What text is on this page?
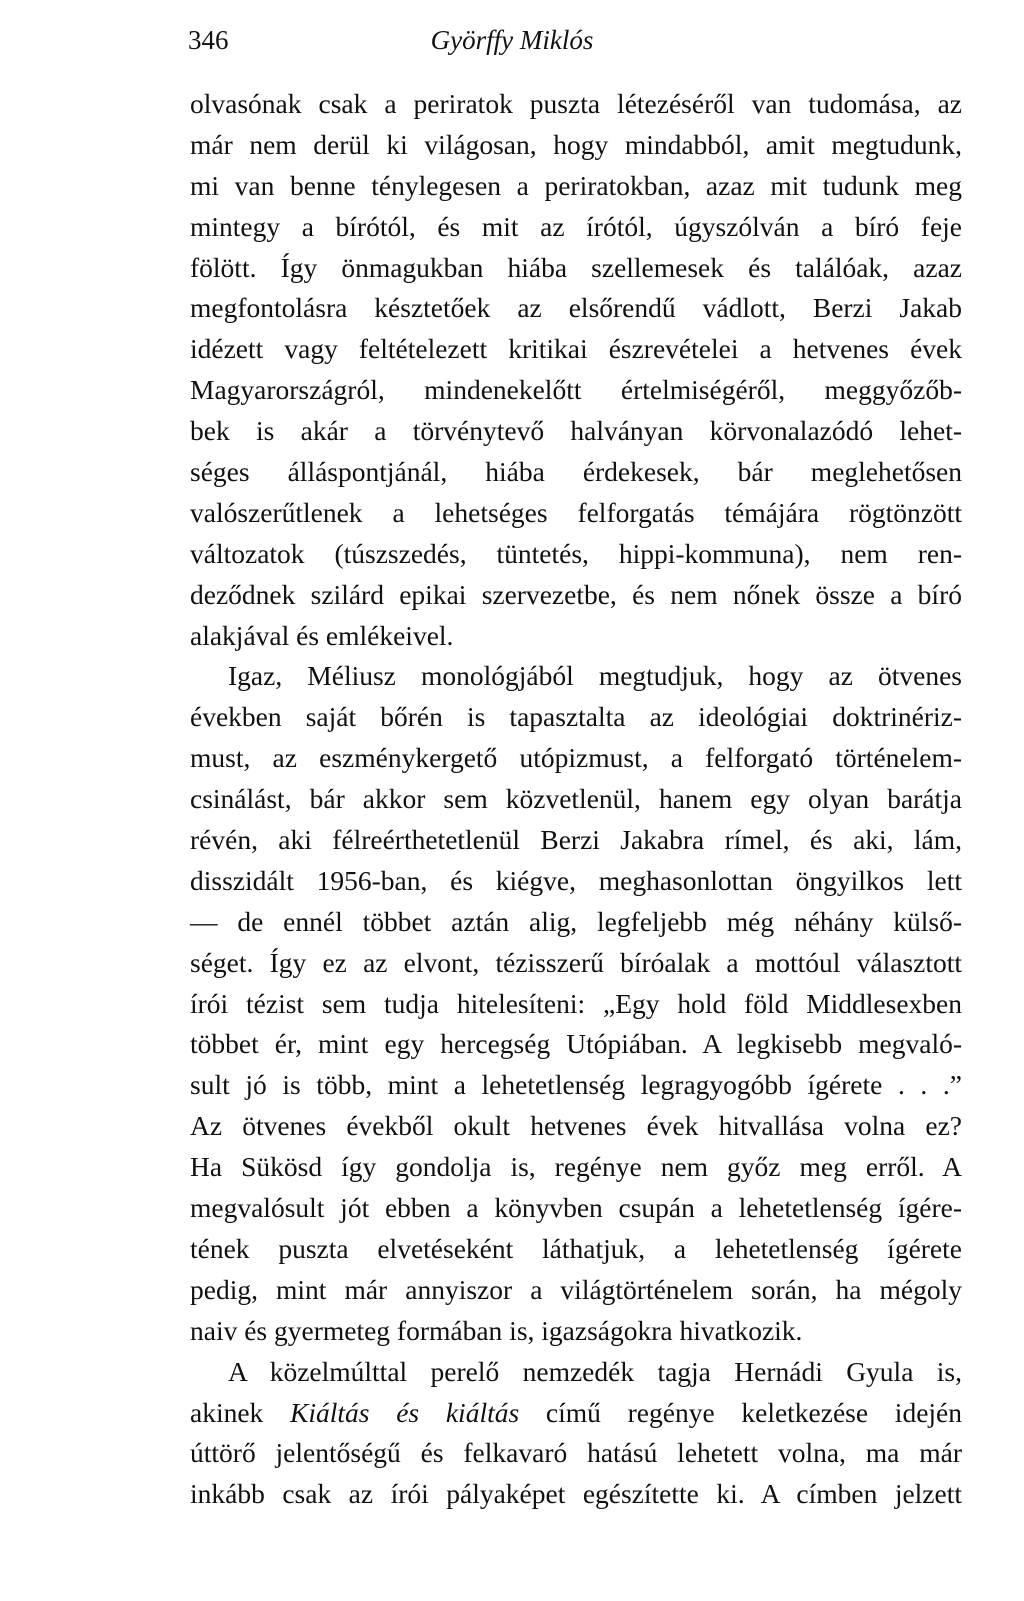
346	Györffy Miklós
olvasónak csak a periratok puszta létezéséről van tudomása, az
már nem derül ki világosan, hogy mindabból, amit megtudunk,
mi van benne ténylegesen a periratokban, azaz mit tudunk meg
mintegy a bírótól, és mit az írótól, úgyszólván a bíró feje
fölött. Így önmagukban hiába szellemesek és találóak, azaz
megfontolásra késztetőek az elsőrendű vádlott, Berzi Jakab
idézett vagy feltételezett kritikai észrevételei a hetvenes évek
Magyarországról, mindenekelőtt értelmiségéről, meggyőzőb-
bek is akár a törvénytevő halványan körvonalazódó lehet-
séges álláspontjánál, hiába érdekesek, bár meglehetősen
valószerűtlenek a lehetséges felforgatás témájára rögtönzött
változatok (túszszedés, tüntetés, hippi-kommuna), nem ren-
deződnek szilárd epikai szervezetbe, és nem nőnek össze a bíró
alakjával és emlékeivel.
Igaz, Méliusz monológjából megtudjuk, hogy az ötvenes
években saját bőrén is tapasztalta az ideológiai doktrinériz-
must, az eszménykergető utópizmust, a felforgató történelem-
csinálást, bár akkor sem közvetlenül, hanem egy olyan barátja
révén, aki félreérthetetlenül Berzi Jakabra rímel, és aki, lám,
disszidált 1956-ban, és kiégve, meghasonlottan öngyilkos lett
— de ennél többet aztán alig, legfeljebb még néhány külső-
séget. Így ez az elvont, tézisszerű bíróalak a mottóul választott
írói tézist sem tudja hitelesíteni: „Egy hold föld Middlesexben
többet ér, mint egy hercegség Utópiában. A legkisebb megvaló-
sult jó is több, mint a lehetetlenség legragyogóbb ígérete . . .”
Az ötvenes évekből okult hetvenes évek hitvallása volna ez?
Ha Sükösd így gondolja is, regénye nem győz meg erről. A
megvalósult jót ebben a könyvben csupán a lehetetlenség ígére-
tének puszta elvetéseként láthatjuk, a lehetetlenség ígérete
pedig, mint már annyiszor a világtörténelem során, ha mégoly
naiv és gyermeteg formában is, igazságokra hivatkozik.
A közelmúlttal perelő nemzedék tagja Hernádi Gyula is,
akinek Kiáltás és kiáltás című regénye keletkezése idején
úttörő jelentőségű és felkavaró hatású lehetett volna, ma már
inkább csak az írói pályaképet egészítette ki. A címben jelzett
